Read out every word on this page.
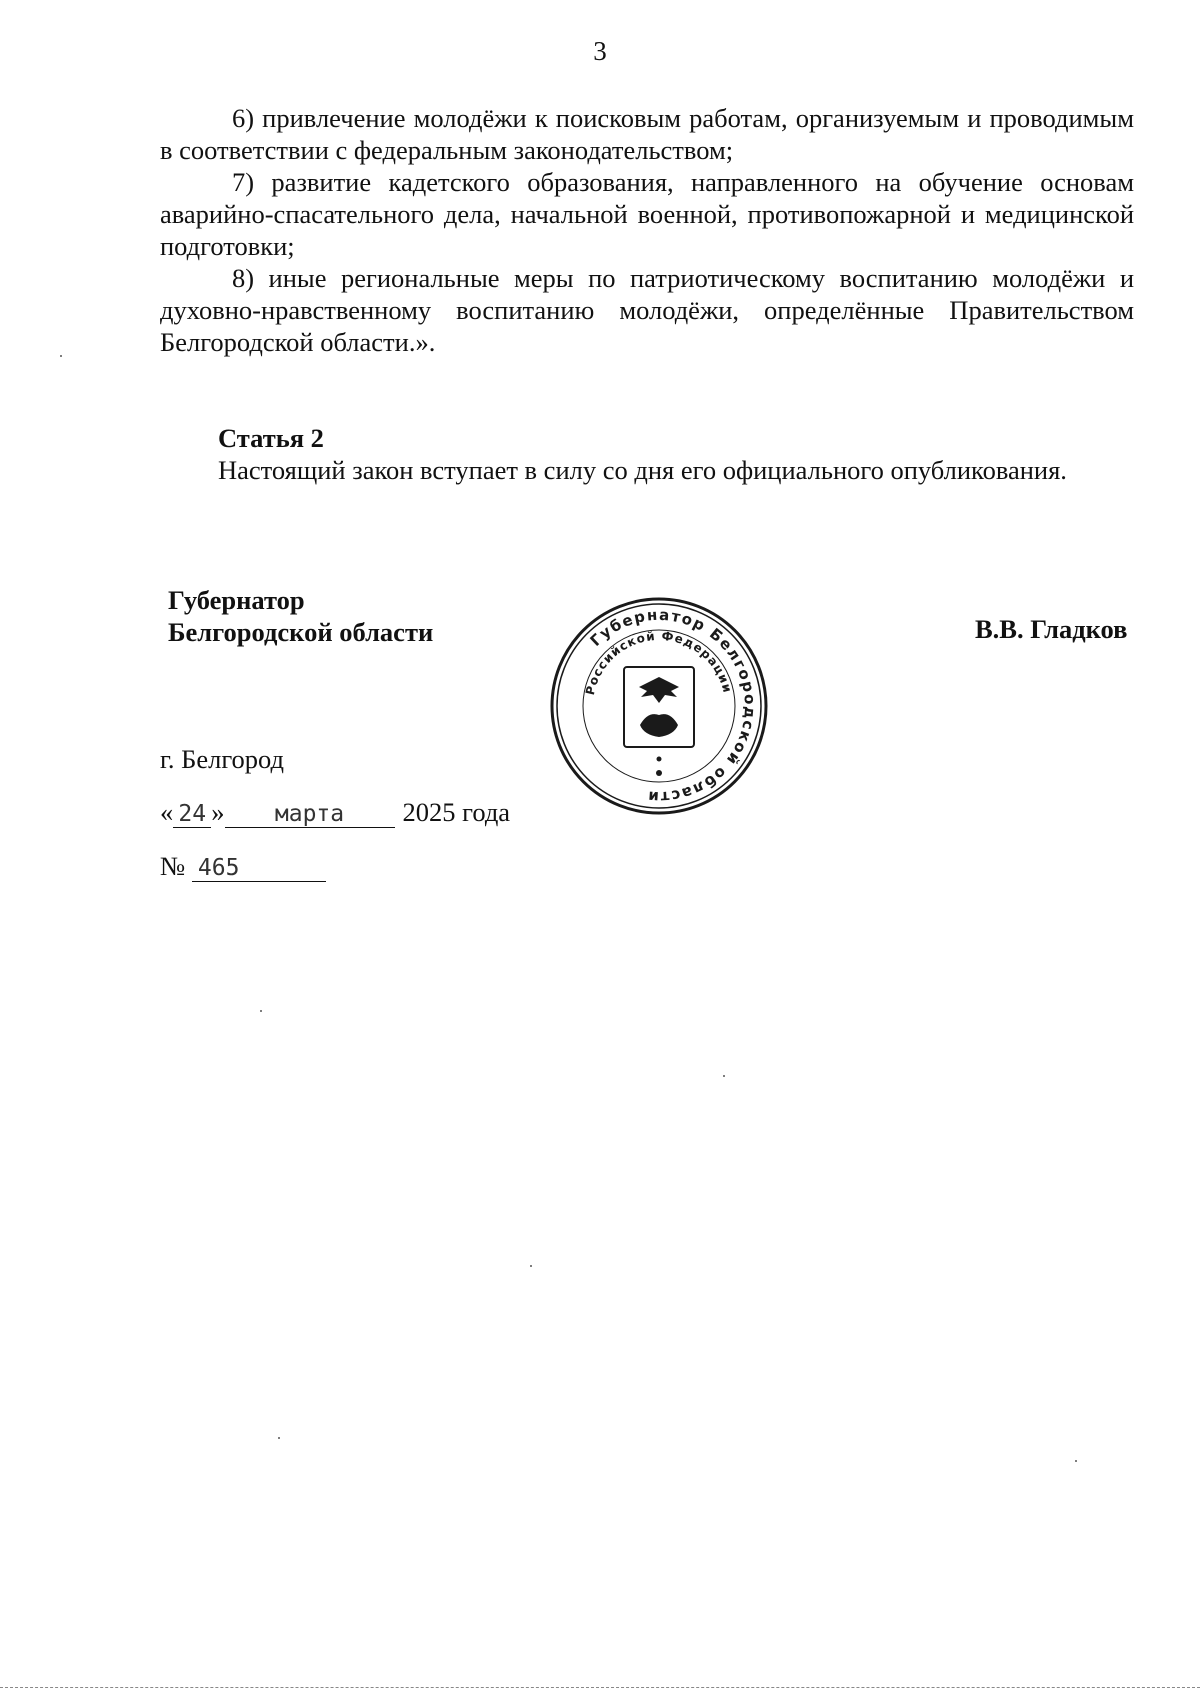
3

6) привлечение молодёжи к поисковым работам, организуемым и проводимым в соответствии с федеральным законодательством;

7) развитие кадетского образования, направленного на обучение основам аварийно-спасательного дела, начальной военной, противопожарной и медицинской подготовки;

8) иные региональные меры по патриотическому воспитанию молодёжи и духовно-нравственному воспитанию молодёжи, определённые Правительством Белгородской области.».

Статья 2

Настоящий закон вступает в силу со дня его официального опубликования.

Губернатор
Белгородской области	В.В. Гладков
Губернатор Белгородской области
Российской Федерации
г. Белгород
« 24 » марта 2025 года
№ 465
